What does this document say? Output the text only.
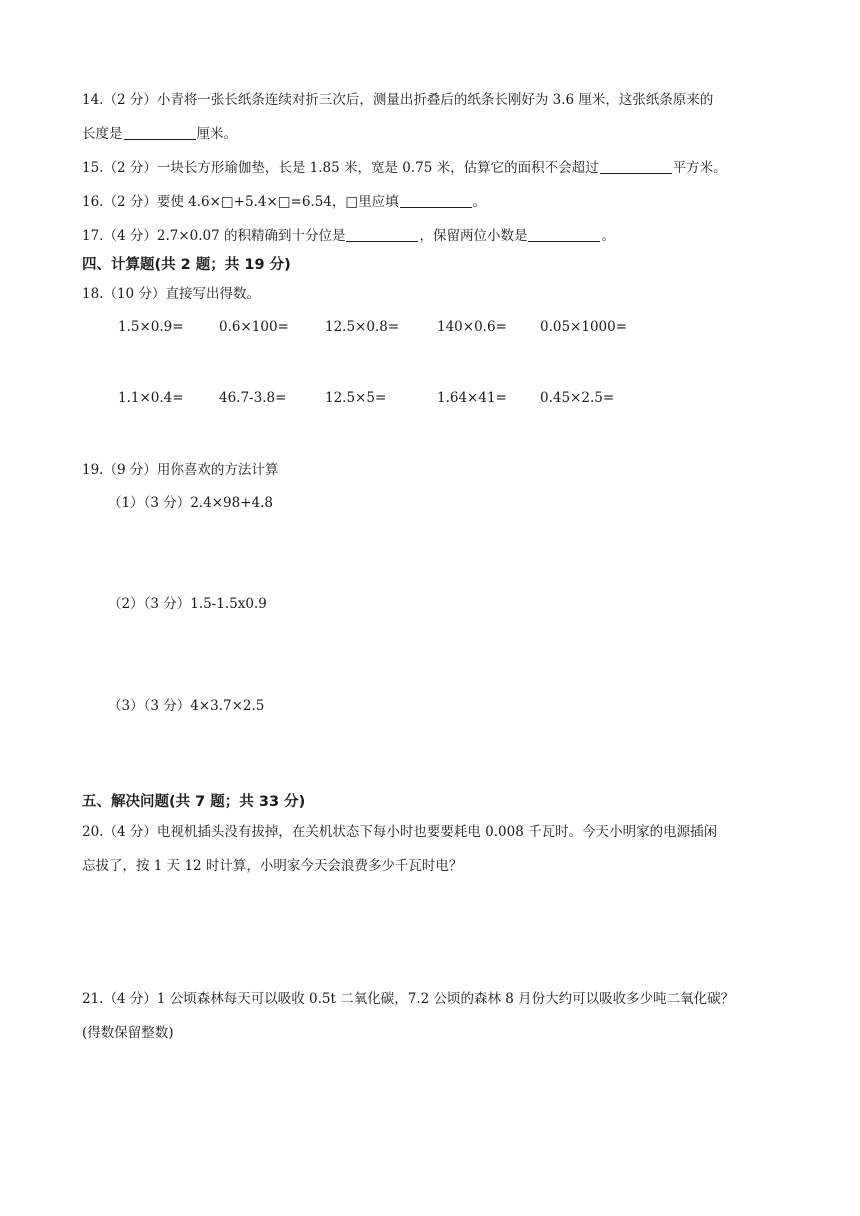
14.（2 分）小青将一张长纸条连续对折三次后，测量出折叠后的纸条长刚好为 3.6 厘米，这张纸条原来的
长度是	厘米。
15.（2 分）一块长方形瑜伽垫，长是 1.85 米，宽是 0.75 米，估算它的面积不会超过	平方米。
16.（2 分）要使 4.6×□+5.4×□=6.54，□里应填	。
17.（4 分）2.7×0.07 的积精确到十分位是	，保留两位小数是	。
四、计算题(共 2 题；共 19 分)
18.（10 分）直接写出得数。
1.5×0.9=	0.6×100=	12.5×0.8=	140×0.6= 0.05×1000=
1.1×0.4=	46.7-3.8=	12.5×5=	1.64×41= 0.45×2.5=
19.（9 分）用你喜欢的方法计算
（1）（3 分）2.4×98+4.8
（2）（3 分）1.5-1.5x0.9
（3）（3 分）4×3.7×2.5
五、解决问题(共 7 题；共 33 分)
20.（4 分）电视机插头没有拔掉，在关机状态下每小时也要要耗电 0.008 千瓦时。今天小明家的电源插闲
忘拔了，按 1 天 12 时计算，小明家今天会浪费多少千瓦时电？
21.（4 分）1 公顷森林每天可以吸收 0.5t 二氧化碳，7.2 公顷的森林 8 月份大约可以吸收多少吨二氧化碳？
(得数保留整数)
